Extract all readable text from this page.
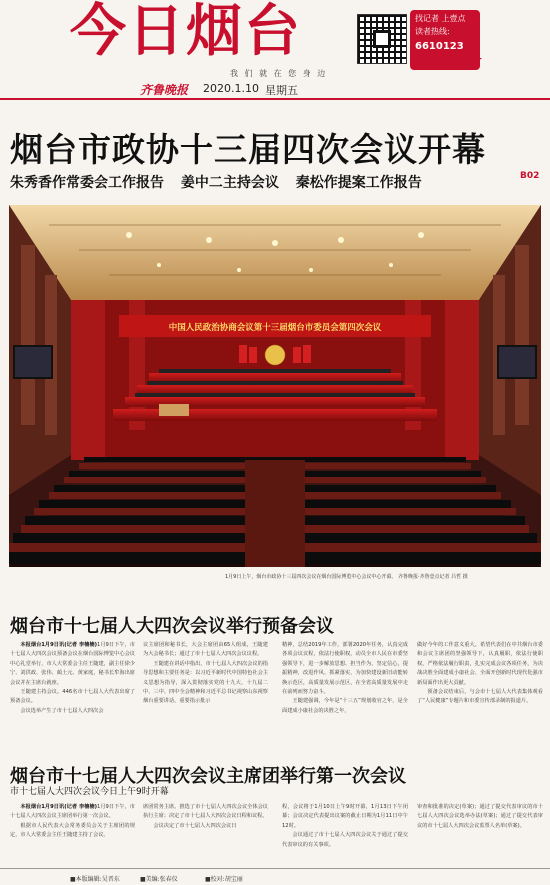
今日烟台
我 们 就 在 您 身 边
找记者 上壹点
读者热线:
6610123
齐鲁晚报 2020.1.10 星期五
烟台市政协十三届四次会议开幕
朱秀香作常委会工作报告 姜中二主持会议 秦松作提案工作报告	B02
中国人民政治协商会议第十三届烟台市委员会第四次会议
1月9日上午，烟台市政协十三届四次会议在烟台国际博览中心会议中心开幕。 齐鲁晚报·齐鲁壹点记者 吕哲 摄
烟台市十七届人大四次会议举行预备会议

本报烟台1月9日讯(记者 李楠楠)1月9日下午，市十七届人大四次会议预备会议在烟台国际博览中心会议中心礼堂举行，市人大常委会主任王随建，副主任徐少宁、刘洪政、张伟、蔺土元、黄家庭，秘书长牟海出席会议并在主席台就座。

王随建主持会议。446名市十七届人大代表出席了预备会议。

会议选举产生了市十七届人大四次会

议主席团和秘书长，大会主席团由65人组成，王随建为大会秘书长；通过了市十七届人大四次会议议程。

王随建在讲话中指出，市十七届人大四次会议的指导思想和主要任务是：以习近平新时代中国特色社会主义思想为指导，深入贯彻落实党的十九大、十九届二中、三中、四中全会精神和习近平总书记视察山东视察烟台重要讲话、重要指示批示

精神，总结2019年工作，部署2020年任务，认真完成各项会议议程，依法行使职权，动员全市人民在市委坚强领导下，进一步解放思想、担当作为，坚定信心，提振精神，改进作风、抓紧落实，为加快建设新旧动能转换示范区，高质量发展示范区，在全省高质量发展中走在前列而努力奋斗。

王随建强调，今年是“十三五”规划收官之年，是全面建成小康社会的决胜之年，

做好今年的工作意义重大。希望代表们在中共烟台市委和会议主席团的坚强领导下，认真履职，依法行使职权，严格依法履行职责，扎实完成会议各项任务，为决战决胜全面建成小康社会、全面开创新时代现代化强市新局面作出更大贡献。

预备会议结束后，与会市十七届人大代表集体观看了“人民健康”专题片和市委宣传部录制的报道片。

烟台市十七届人大四次会议主席团举行第一次会议
市十七届人大四次会议今日上午9时开幕

本报烟台1月9日讯(记者 李楠楠)1月9日下午，市十七届人大四次会议主席团举行第一次会议。

根据市人民代表大会常务委员会关于主席团的规定，市人大常委会主任王随建主持了会议。

席团常务主席。推选了市十七届人大四次会议全体会议执行主席；决定了市十七届人大四次会议日程和议程。

会议决定了市十七届人大四次会议日

程，会议将于1月10日上午9时开幕，1月13日下午闭幕；会议决定代表提出议案的截止日期为1月11日中午12时。

会议通过了市十七届人大四次会议关于通过了提交代表审议的有关事项。

审查和批准的决定(草案)；通过了提交代表审议的市十七届人大四次会议选举办法(草案)；通过了提交代表审议的市十七届人大四次会议监票人名单(草案)。

■本版编辑:吴晋东	■美编:张春仪	■校对:胡宝丽
